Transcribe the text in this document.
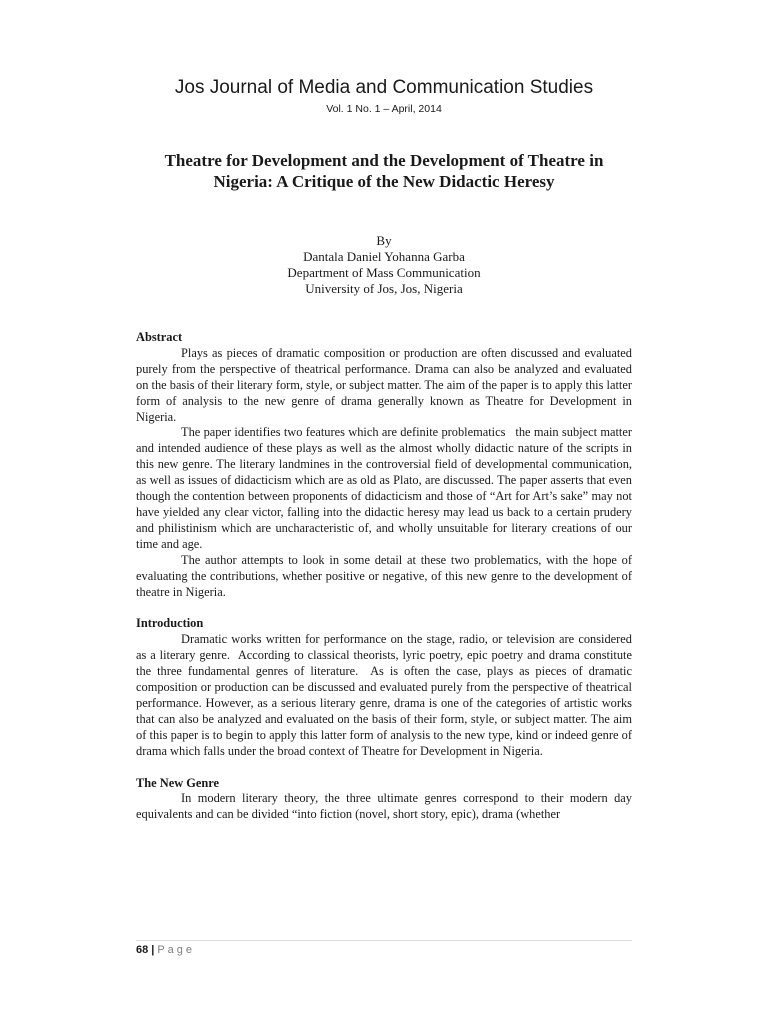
Jos Journal of Media and Communication Studies
Vol. 1 No. 1 – April, 2014
Theatre for Development and the Development of Theatre in
Nigeria: A Critique of the New Didactic Heresy
By
Dantala Daniel Yohanna Garba
Department of Mass Communication
University of Jos, Jos, Nigeria

Abstract

Plays as pieces of dramatic composition or production are often discussed and evaluated purely from the perspective of theatrical performance. Drama can also be analyzed and evaluated on the basis of their literary form, style, or subject matter. The aim of the paper is to apply this latter form of analysis to the new genre of drama generally known as Theatre for Development in Nigeria.

The paper identifies two features which are definite problematics   the main subject matter and intended audience of these plays as well as the almost wholly didactic nature of the scripts in this new genre. The literary landmines in the controversial field of developmental communication, as well as issues of didacticism which are as old as Plato, are discussed. The paper asserts that even though the contention between proponents of didacticism and those of “Art for Art’s sake” may not have yielded any clear victor, falling into the didactic heresy may lead us back to a certain prudery and philistinism which are uncharacteristic of, and wholly unsuitable for literary creations of our time and age.

The author attempts to look in some detail at these two problematics, with the hope of evaluating the contributions, whether positive or negative, of this new genre to the development of theatre in Nigeria.

Introduction

Dramatic works written for performance on the stage, radio, or television are considered as a literary genre.  According to classical theorists, lyric poetry, epic poetry and drama constitute the three fundamental genres of literature.  As is often the case, plays as pieces of dramatic composition or production can be discussed and evaluated purely from the perspective of theatrical performance. However, as a serious literary genre, drama is one of the categories of artistic works that can also be analyzed and evaluated on the basis of their form, style, or subject matter. The aim of this paper is to begin to apply this latter form of analysis to the new type, kind or indeed genre of drama which falls under the broad context of Theatre for Development in Nigeria.

The New Genre

In modern literary theory, the three ultimate genres correspond to their modern day equivalents and can be divided “into fiction (novel, short story, epic), drama (whether

68 | Page
